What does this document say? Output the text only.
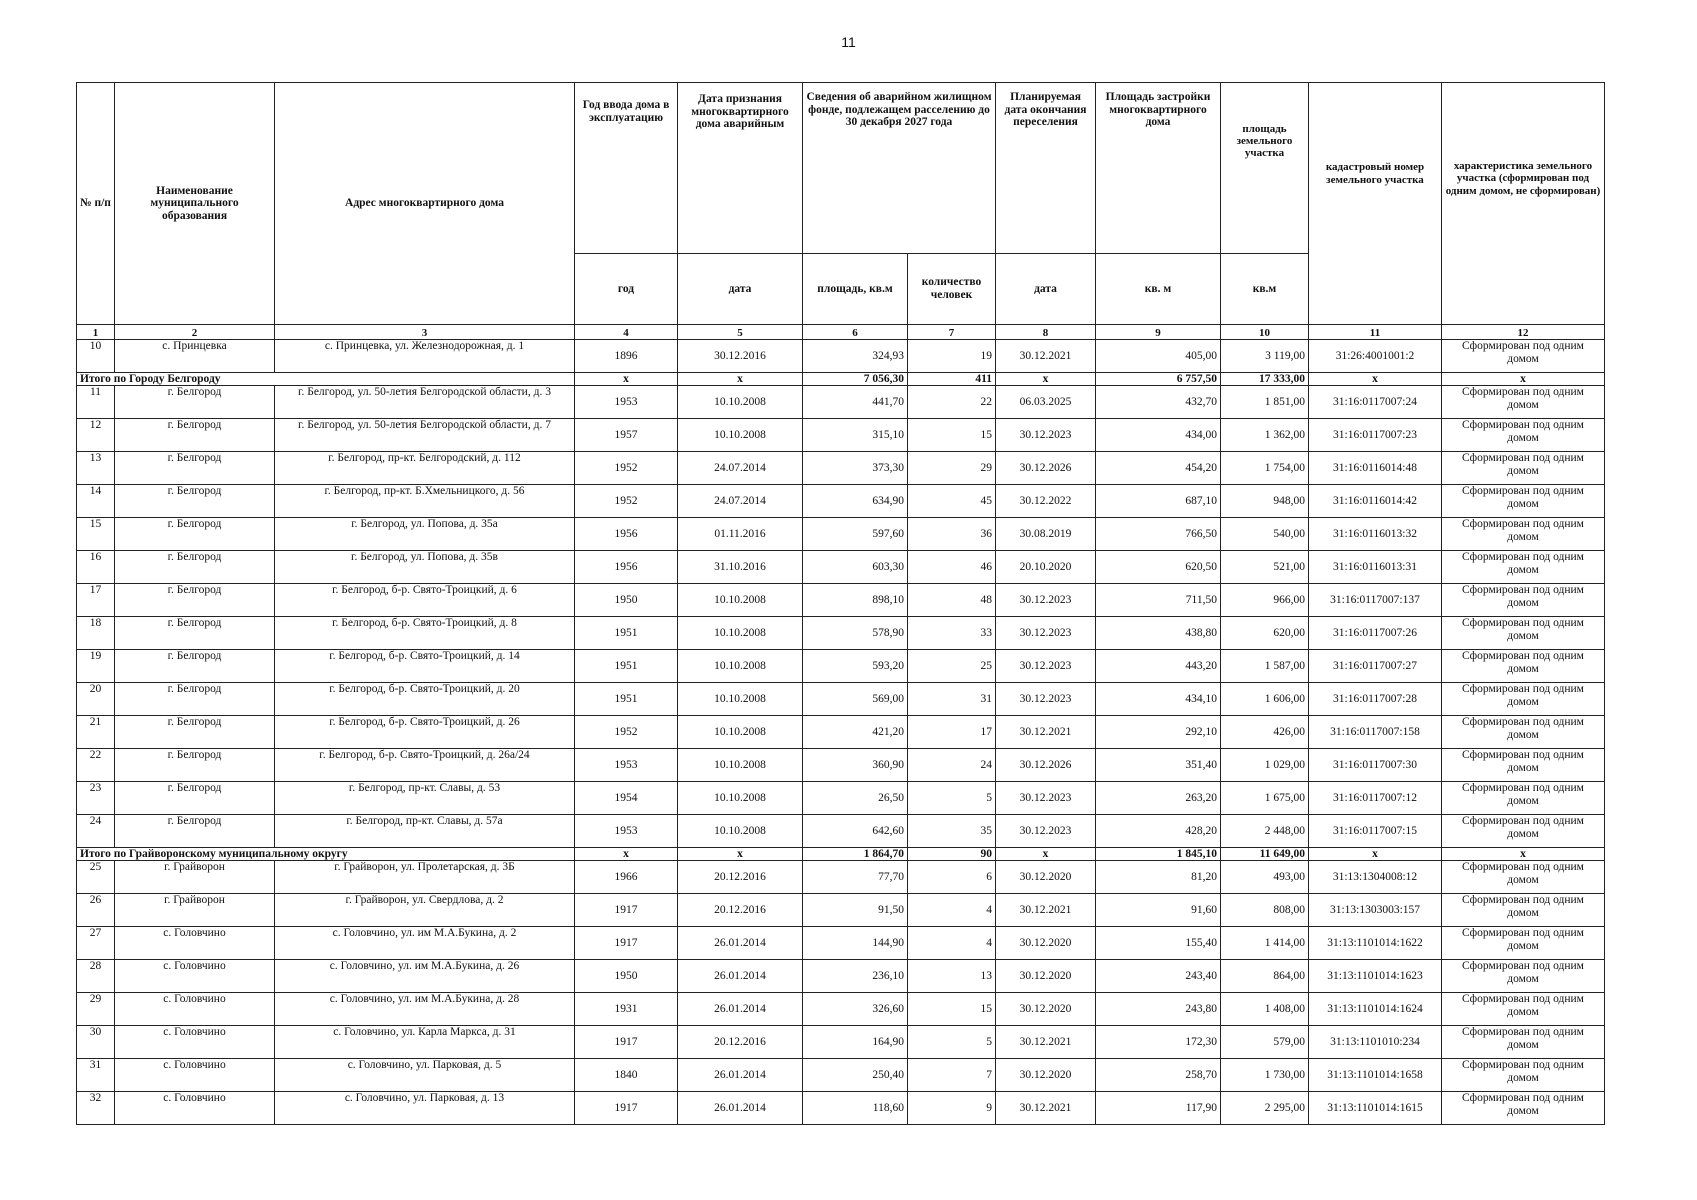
11
№ п/п	Наименование муниципального образования	Адрес многоквартирного дома	Год ввода дома в эксплуатацию	Дата признания многоквартирного дома аварийным	Сведения об аварийном жилищном фонде, подлежащем расселению до 30 декабря 2027 года		Планируемая дата окончания переселения	Площадь застройки многоквартирного дома	площадь земельного участка	кадастровый номер земельного участка	характеристика земельного участка (сформирован под одним домом, не сформирован)
			год	дата	площадь, кв.м	количество человек	дата	кв. м	кв.м		
1	2	3	4	5	6	7	8	9	10	11	12
10	с. Принцевка	с. Принцевка, ул. Железнодорожная, д. 1	1896	30.12.2016	324,93	19	30.12.2021	405,00	3 119,00	31:26:4001001:2	Сформирован под одним домом
Итого по Городу Белгороду			х	х	7 056,30	411	х	6 757,50	17 333,00	х	х
11	г. Белгород	г. Белгород, ул. 50-летия Белгородской области, д. 3	1953	10.10.2008	441,70	22	06.03.2025	432,70	1 851,00	31:16:0117007:24	Сформирован под одним домом
12	г. Белгород	г. Белгород, ул. 50-летия Белгородской области, д. 7	1957	10.10.2008	315,10	15	30.12.2023	434,00	1 362,00	31:16:0117007:23	Сформирован под одним домом
13	г. Белгород	г. Белгород, пр-кт. Белгородский, д. 112	1952	24.07.2014	373,30	29	30.12.2026	454,20	1 754,00	31:16:0116014:48	Сформирован под одним домом
14	г. Белгород	г. Белгород, пр-кт. Б.Хмельницкого, д. 56	1952	24.07.2014	634,90	45	30.12.2022	687,10	948,00	31:16:0116014:42	Сформирован под одним домом
15	г. Белгород	г. Белгород, ул. Попова, д. 35а	1956	01.11.2016	597,60	36	30.08.2019	766,50	540,00	31:16:0116013:32	Сформирован под одним домом
16	г. Белгород	г. Белгород, ул. Попова, д. 35в	1956	31.10.2016	603,30	46	20.10.2020	620,50	521,00	31:16:0116013:31	Сформирован под одним домом
17	г. Белгород	г. Белгород, б-р. Свято-Троицкий, д. 6	1950	10.10.2008	898,10	48	30.12.2023	711,50	966,00	31:16:0117007:137	Сформирован под одним домом
18	г. Белгород	г. Белгород, б-р. Свято-Троицкий, д. 8	1951	10.10.2008	578,90	33	30.12.2023	438,80	620,00	31:16:0117007:26	Сформирован под одним домом
19	г. Белгород	г. Белгород, б-р. Свято-Троицкий, д. 14	1951	10.10.2008	593,20	25	30.12.2023	443,20	1 587,00	31:16:0117007:27	Сформирован под одним домом
20	г. Белгород	г. Белгород, б-р. Свято-Троицкий, д. 20	1951	10.10.2008	569,00	31	30.12.2023	434,10	1 606,00	31:16:0117007:28	Сформирован под одним домом
21	г. Белгород	г. Белгород, б-р. Свято-Троицкий, д. 26	1952	10.10.2008	421,20	17	30.12.2021	292,10	426,00	31:16:0117007:158	Сформирован под одним домом
22	г. Белгород	г. Белгород, б-р. Свято-Троицкий, д. 26а/24	1953	10.10.2008	360,90	24	30.12.2026	351,40	1 029,00	31:16:0117007:30	Сформирован под одним домом
23	г. Белгород	г. Белгород, пр-кт. Славы, д. 53	1954	10.10.2008	26,50	5	30.12.2023	263,20	1 675,00	31:16:0117007:12	Сформирован под одним домом
24	г. Белгород	г. Белгород, пр-кт. Славы, д. 57а	1953	10.10.2008	642,60	35	30.12.2023	428,20	2 448,00	31:16:0117007:15	Сформирован под одним домом
Итого по Грайворонскому муниципальному округу			х	х	1 864,70	90	х	1 845,10	11 649,00	х	х
25	г. Грайворон	г. Грайворон, ул. Пролетарская, д. 3Б	1966	20.12.2016	77,70	6	30.12.2020	81,20	493,00	31:13:1304008:12	Сформирован под одним домом
26	г. Грайворон	г. Грайворон, ул. Свердлова, д. 2	1917	20.12.2016	91,50	4	30.12.2021	91,60	808,00	31:13:1303003:157	Сформирован под одним домом
27	с. Головчино	с. Головчино, ул. им М.А.Букина, д. 2	1917	26.01.2014	144,90	4	30.12.2020	155,40	1 414,00	31:13:1101014:1622	Сформирован под одним домом
28	с. Головчино	с. Головчино, ул. им М.А.Букина, д. 26	1950	26.01.2014	236,10	13	30.12.2020	243,40	864,00	31:13:1101014:1623	Сформирован под одним домом
29	с. Головчино	с. Головчино, ул. им М.А.Букина, д. 28	1931	26.01.2014	326,60	15	30.12.2020	243,80	1 408,00	31:13:1101014:1624	Сформирован под одним домом
30	с. Головчино	с. Головчино, ул. Карла Маркса, д. 31	1917	20.12.2016	164,90	5	30.12.2021	172,30	579,00	31:13:1101010:234	Сформирован под одним домом
31	с. Головчино	с. Головчино, ул. Парковая, д. 5	1840	26.01.2014	250,40	7	30.12.2020	258,70	1 730,00	31:13:1101014:1658	Сформирован под одним домом
32	с. Головчино	с. Головчино, ул. Парковая, д. 13	1917	26.01.2014	118,60	9	30.12.2021	117,90	2 295,00	31:13:1101014:1615	Сформирован под одним домом
